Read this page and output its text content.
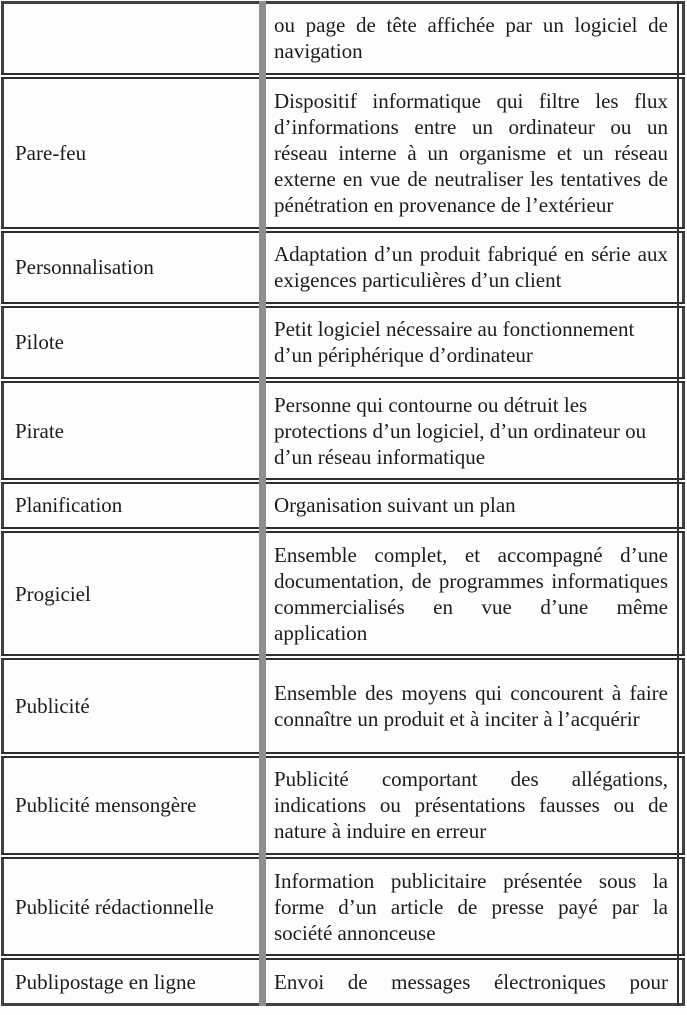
	ou page de tête affichée par un logiciel de navigation
Pare-feu	Dispositif informatique qui filtre les flux d’informations entre un ordinateur ou un réseau interne à un organisme et un réseau externe en vue de neutraliser les tentatives de pénétration en provenance de l’extérieur
Personnalisation	Adaptation d’un produit fabriqué en série aux exigences particulières d’un client
Pilote	Petit logiciel nécessaire au fonctionnement d’un périphérique d’ordinateur
Pirate	Personne qui contourne ou détruit les protections d’un logiciel, d’un ordinateur ou d’un réseau informatique
Planification	Organisation suivant un plan
Progiciel	Ensemble complet, et accompagné d’une documentation, de programmes informatiques commercialisés en vue d’une même application
Publicité	Ensemble des moyens qui concourent à faire connaître un produit et à inciter à l’acquérir
Publicité mensongère	Publicité comportant des allégations, indications ou présentations fausses ou de nature à induire en erreur
Publicité rédactionnelle	Information publicitaire présentée sous la forme d’un article de presse payé par la société annonceuse
Publipostage en ligne	Envoi de messages électroniques pour
